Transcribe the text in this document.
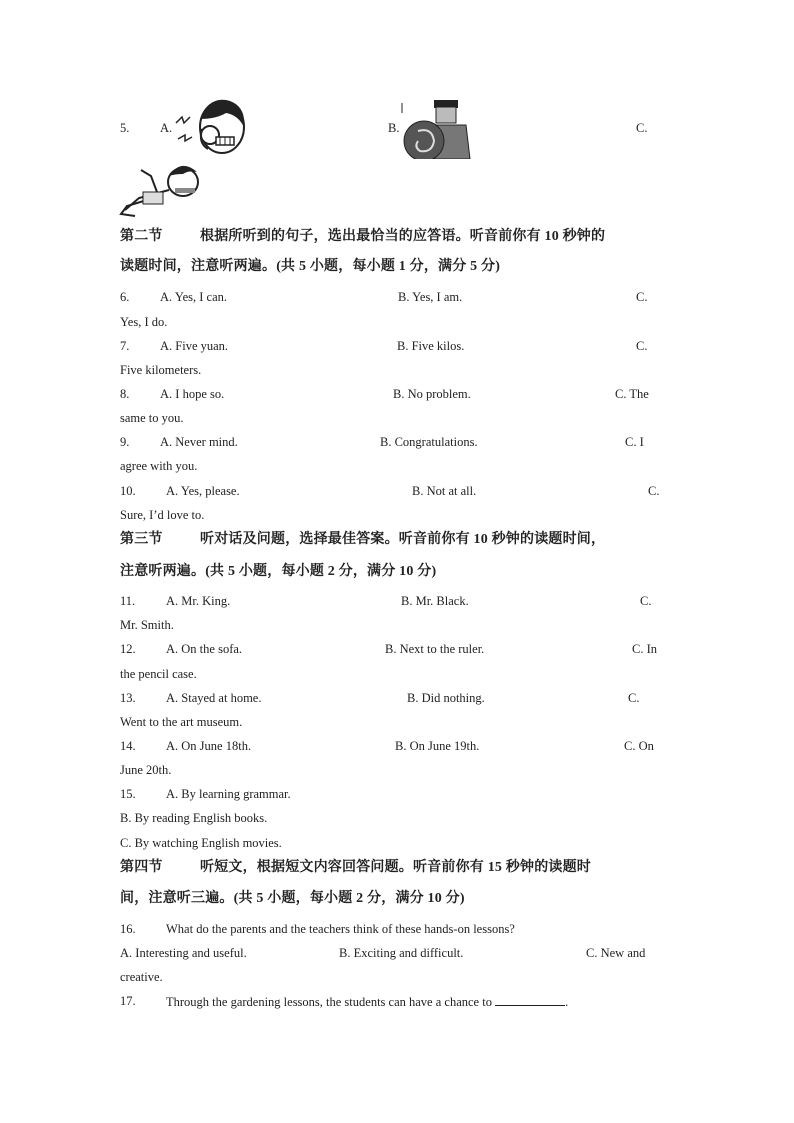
5. A.	B.	C.
第二节	根据所听到的句子，选出最恰当的应答语。听音前你有 10 秒钟的
读题时间，注意听两遍。(共 5 小题，每小题 1 分，满分 5 分)
6. A. Yes, I can.	B. Yes, I am.	C.
Yes, I do.
7. A. Five yuan.	B. Five kilos.	C.
Five kilometers.
8. A. I hope so.	B. No problem.	C. The
same to you.
9. A. Never mind.	B. Congratulations.	C. I
agree with you.
10. A. Yes, please.	B. Not at all.	C.
Sure, I’d love to.
第三节	听对话及问题，选择最佳答案。听音前你有 10 秒钟的读题时间，
注意听两遍。(共 5 小题，每小题 2 分，满分 10 分)
11. A. Mr. King.	B. Mr. Black.	C.
Mr. Smith.
12. A. On the sofa.	B. Next to the ruler.	C. In
the pencil case.
13. A. Stayed at home.	B. Did nothing.	C.
Went to the art museum.
14. A. On June 18th.	B. On June 19th.	C. On
June 20th.
15. A. By learning grammar.
B. By reading English books.
C. By watching English movies.
第四节	听短文，根据短文内容回答问题。听音前你有 15 秒钟的读题时
间，注意听三遍。(共 5 小题，每小题 2 分，满分 10 分)
16. What do the parents and the teachers think of these hands-on lessons?
A. Interesting and useful.	B. Exciting and difficult.	C. New and
creative.
17. Through the gardening lessons, the students can have a chance to	.
